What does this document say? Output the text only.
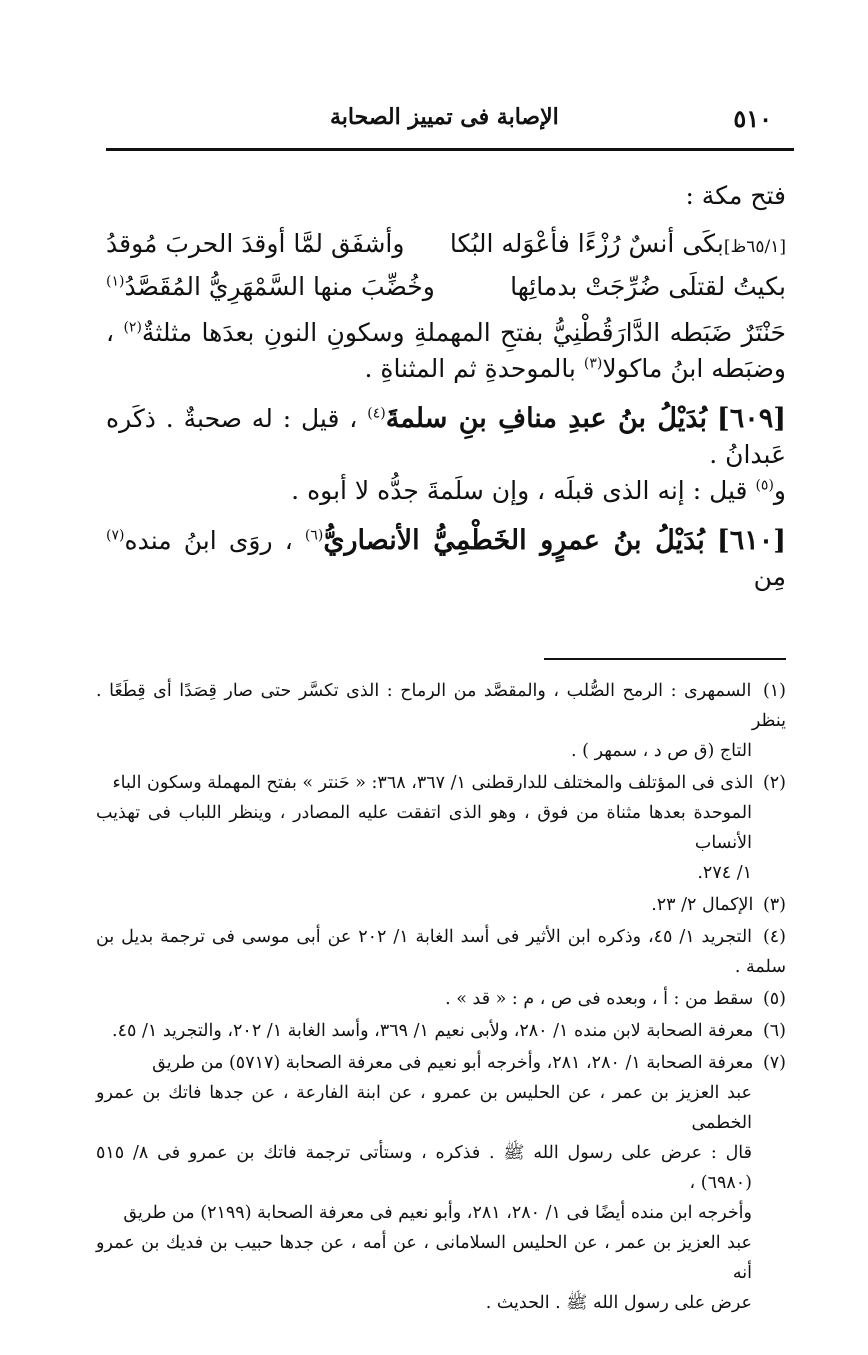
٥١٠
الإصابة فى تمييز الصحابة

فتح مكة :

[٦٥/١ظ]بكَى أنسٌ رُزْءًا فأعْوَله البُكا
وأشفَق لمَّا أوقدَ الحربَ مُوقدُ
بكيتُ لقتلَى ضُرِّجَتْ بدمائِها
وخُضِّبَ منها السَّمْهَرِيُّ المُقَصَّدُ$^{(١)}$

حَنْتَرٌ ضَبَطه الدَّارَقُطْنِيُّ بفتحِ المهملةِ وسكونِ النونِ بعدَها مثلثةٌ$^{(٢)}$ ، وضبَطه ابنُ ماكولا$^{(٣)}$ بالموحدةِ ثم المثناةِ .

[٦٠٩] بُدَيْلُ بنُ عبدِ منافِ بنِ سلمةَ$^{(٤)}$ ، قيل : له صحبةٌ . ذكَره عَبدانُ .
و$^{(٥)}$ قيل : إنه الذى قبلَه ، وإن سلَمةَ جدُّه لا أبوه .

[٦١٠] بُدَيْلُ بنُ عمرٍو الخَطْمِيُّ الأنصاريُّ$^{(٦)}$ ، روَى ابنُ منده$^{(٧)}$ مِن

(١) السمهرى : الرمح الصُّلب ، والمقصَّد من الرماح : الذى تكسَّر حتى صار قِصَدًا أى قِطَعًا . ينظر
التاج (ق ص د ، سمهر ) .
(٢) الذى فى المؤتلف والمختلف للدارقطنى ١/ ٣٦٧، ٣٦٨: « حَنتر » بفتح المهملة وسكون الباء
الموحدة بعدها مثناة من فوق ، وهو الذى اتفقت عليه المصادر ، وينظر اللباب فى تهذيب الأنساب
١/ ٢٧٤.
(٣) الإكمال ٢/ ٢٣.
(٤) التجريد ١/ ٤٥، وذكره ابن الأثير فى أسد الغابة ١/ ٢٠٢ عن أبى موسى فى ترجمة بديل بن سلمة .
(٥) سقط من : أ ، وبعده فى ص ، م : « قد » .
(٦) معرفة الصحابة لابن منده ١/ ٢٨٠، ولأبى نعيم ١/ ٣٦٩، وأسد الغابة ١/ ٢٠٢، والتجريد ١/ ٤٥.
(٧) معرفة الصحابة ١/ ٢٨٠، ٢٨١، وأخرجه أبو نعيم فى معرفة الصحابة (٥٧١٧) من طريق
عبد العزيز بن عمر ، عن الحليس بن عمرو ، عن ابنة الفارعة ، عن جدها فاتك بن عمرو الخطمى
قال : عرض على رسول الله ﷺ . فذكره ، وستأتى ترجمة فاتك بن عمرو فى ٨/ ٥١٥ (٦٩٨٠) ،
وأخرجه ابن منده أيضًا فى ١/ ٢٨٠، ٢٨١، وأبو نعيم فى معرفة الصحابة (٢١٩٩) من طريق
عبد العزيز بن عمر ، عن الحليس السلامانى ، عن أمه ، عن جدها حبيب بن فديك بن عمرو أنه
عرض على رسول الله ﷺ . الحديث .
